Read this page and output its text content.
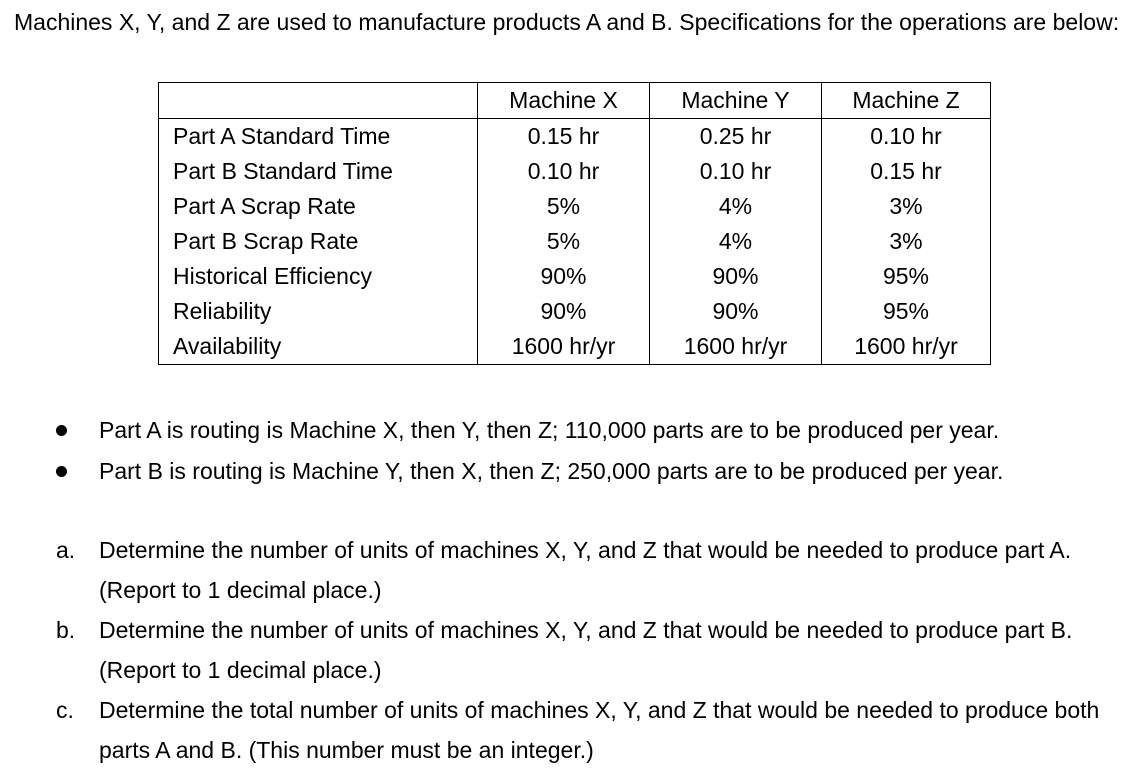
Machines X, Y, and Z are used to manufacture products A and B. Specifications for the operations are below:

	Machine X	Machine Y	Machine Z
Part A Standard Time	0.15 hr	0.25 hr	0.10 hr
Part B Standard Time	0.10 hr	0.10 hr	0.15 hr
Part A Scrap Rate	5%	4%	3%
Part B Scrap Rate	5%	4%	3%
Historical Efficiency	90%	90%	95%
Reliability	90%	90%	95%
Availability	1600 hr/yr	1600 hr/yr	1600 hr/yr
Part A is routing is Machine X, then Y, then Z; 110,000 parts are to be produced per year.
Part B is routing is Machine Y, then X, then Z; 250,000 parts are to be produced per year.
a. Determine the number of units of machines X, Y, and Z that would be needed to produce part A. (Report to 1 decimal place.)
b. Determine the number of units of machines X, Y, and Z that would be needed to produce part B. (Report to 1 decimal place.)
c. Determine the total number of units of machines X, Y, and Z that would be needed to produce both parts A and B. (This number must be an integer.)
